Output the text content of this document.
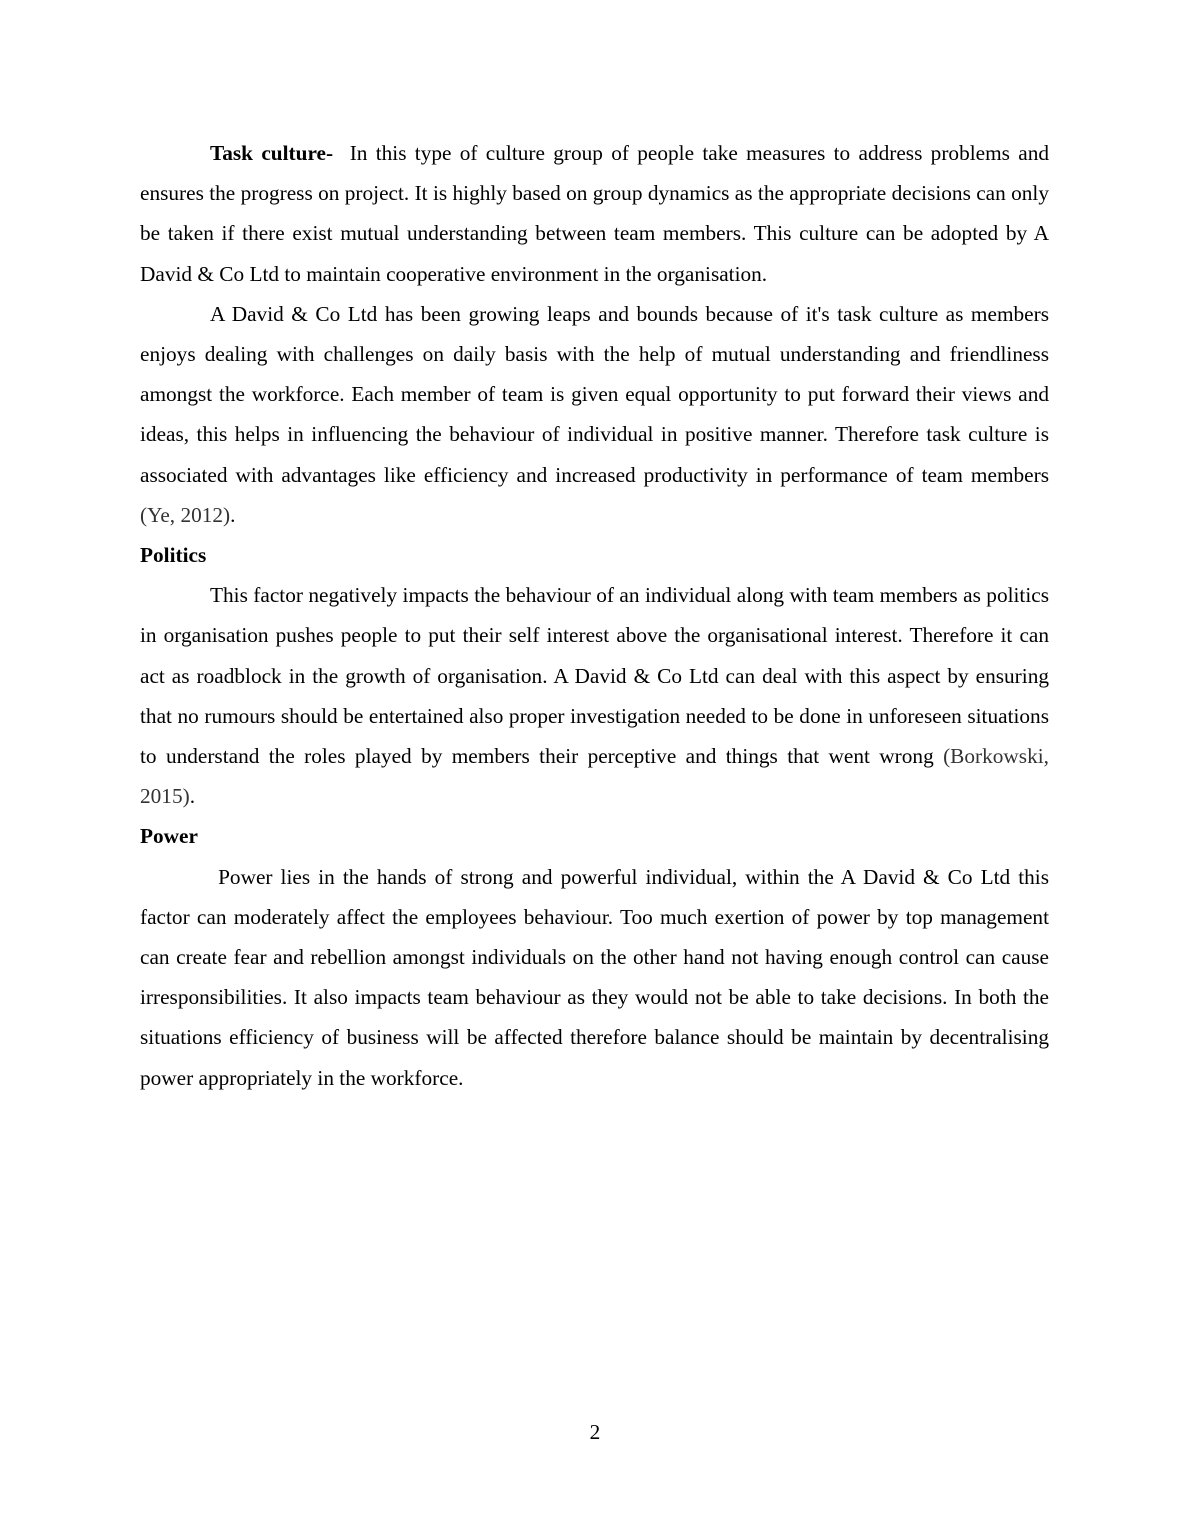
Task culture-  In this type of culture group of people take measures to address problems and ensures the progress on project. It is highly based on group dynamics as the appropriate decisions can only be taken if there exist mutual understanding between team members. This culture can be adopted by A David & Co Ltd to maintain cooperative environment in the organisation.

A David & Co Ltd has been growing leaps and bounds because of it's task culture as members enjoys dealing with challenges on daily basis with the help of mutual understanding and friendliness amongst the workforce. Each member of team is given equal opportunity to put forward their views and ideas, this helps in influencing the behaviour of individual in positive manner. Therefore task culture is associated with advantages like efficiency and increased productivity in performance of team members (Ye, 2012).

Politics

This factor negatively impacts the behaviour of an individual along with team members as politics in organisation pushes people to put their self interest above the organisational interest. Therefore it can act as roadblock in the growth of organisation. A David & Co Ltd can deal with this aspect by ensuring that no rumours should be entertained also proper investigation needed to be done in unforeseen situations to understand the roles played by members their perceptive and things that went wrong (Borkowski, 2015).

Power

Power lies in the hands of strong and powerful individual, within the A David & Co Ltd this factor can moderately affect the employees behaviour. Too much exertion of power by top management can create fear and rebellion amongst individuals on the other hand not having enough control can cause irresponsibilities. It also impacts team behaviour as they would not be able to take decisions. In both the situations efficiency of business will be affected therefore balance should be maintain by decentralising power appropriately in the workforce.

2
